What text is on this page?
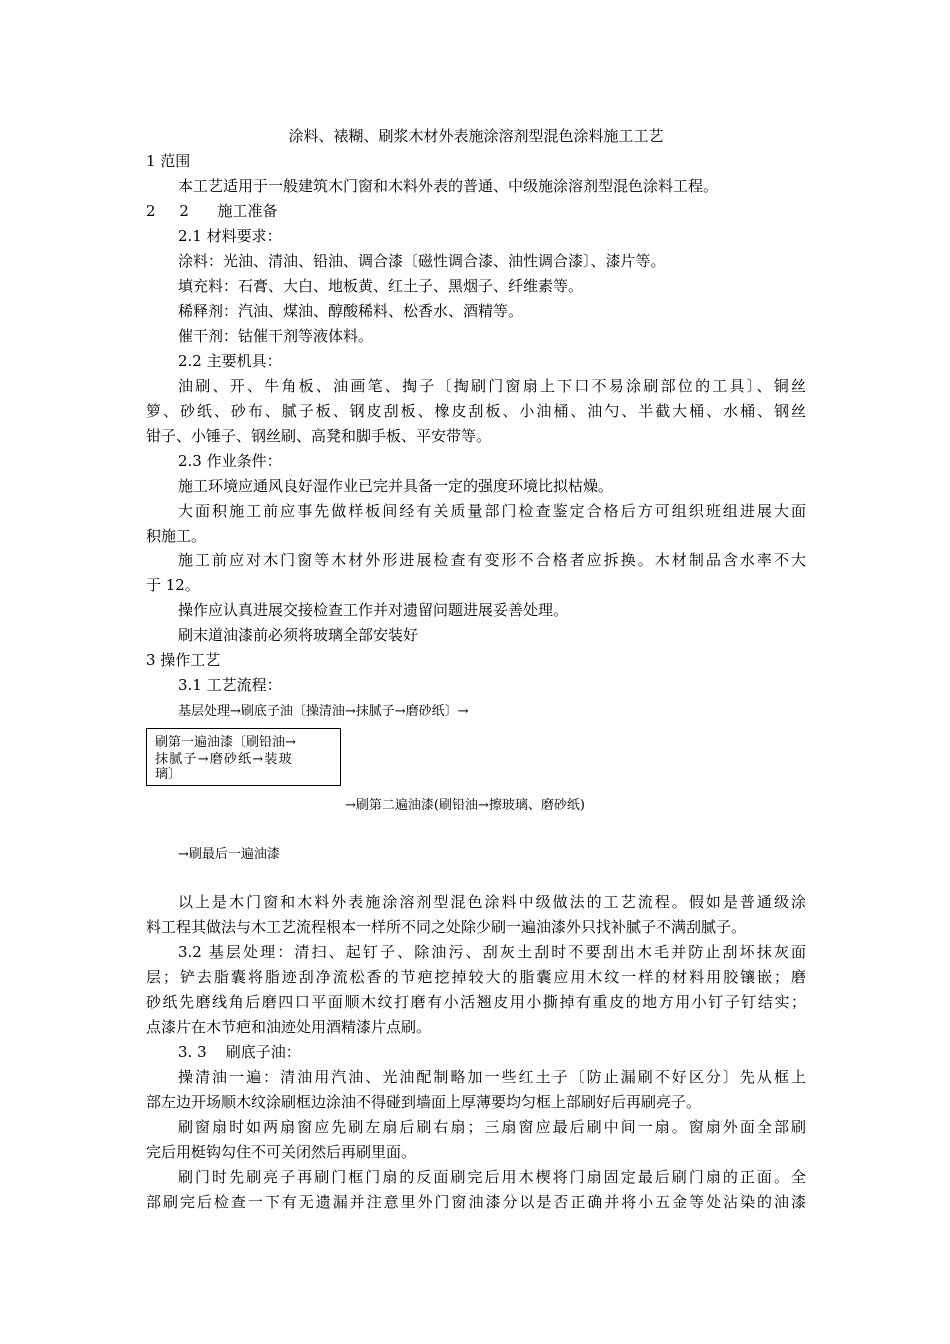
涂料、裱糊、刷浆木材外表施涂溶剂型混色涂料施工工艺
1 范围
本工艺适用于一般建筑木门窗和木料外表的普通、中级施涂溶剂型混色涂料工程。
2     2      施工准备
2.1 材料要求：
涂料：光油、清油、铅油、调合漆〔磁性调合漆、油性调合漆〕、漆片等。
填充料：石膏、大白、地板黄、红土子、黑烟子、纤维素等。
稀释剂：汽油、煤油、醇酸稀料、松香水、酒精等。
催干剂：钴催干剂等液体料。
2.2 主要机具：
油刷、开、牛角板、油画笔、掏子〔掏刷门窗扇上下口不易涂刷部位的工具〕、铜丝
箩、砂纸、砂布、腻子板、钢皮刮板、橡皮刮板、小油桶、油勺、半截大桶、水桶、钢丝
钳子、小锤子、钢丝刷、高凳和脚手板、平安带等。
2.3 作业条件：
施工环境应通风良好湿作业已完并具备一定的强度环境比拟枯燥。
大面积施工前应事先做样板间经有关质量部门检查鉴定合格后方可组织班组进展大面
积施工。
施工前应对木门窗等木材外形进展检查有变形不合格者应拆换。木材制品含水率不大
于 12。
操作应认真进展交接检查工作并对遗留问题进展妥善处理。
刷末道油漆前必须将玻璃全部安装好
3 操作工艺
3.1 工艺流程：
基层处理→刷底子油〔操清油→抹腻子→磨砂纸〕→
刷第一遍油漆〔刷铅油→
抹腻子→磨砂纸→装玻
璃〕
→刷第二遍油漆(刷铅油→擦玻璃、磨砂纸)
→刷最后一遍油漆
以上是木门窗和木料外表施涂溶剂型混色涂料中级做法的工艺流程。假如是普通级涂
料工程其做法与木工艺流程根本一样所不同之处除少刷一遍油漆外只找补腻子不满刮腻子。
3.2 基层处理：清扫、起钉子、除油污、刮灰土刮时不要刮出木毛并防止刮坏抹灰面
层；铲去脂囊将脂迹刮净流松香的节疤挖掉较大的脂囊应用木纹一样的材料用胶镶嵌；磨
砂纸先磨线角后磨四口平面顺木纹打磨有小活翘皮用小撕掉有重皮的地方用小钉子钉结实；
点漆片在木节疤和油迹处用酒精漆片点刷。
3. 3    刷底子油：
操清油一遍：清油用汽油、光油配制略加一些红土子〔防止漏刷不好区分〕先从框上
部左边开场顺木纹涂刷框边涂油不得碰到墙面上厚薄要均匀框上部刷好后再刷亮子。
刷窗扇时如两扇窗应先刷左扇后刷右扇；三扇窗应最后刷中间一扇。窗扇外面全部刷
完后用梃钩勾住不可关闭然后再刷里面。
刷门时先刷亮子再刷门框门扇的反面刷完后用木楔将门扇固定最后刷门扇的正面。全
部刷完后检查一下有无遗漏并注意里外门窗油漆分以是否正确并将小五金等处沾染的油漆
